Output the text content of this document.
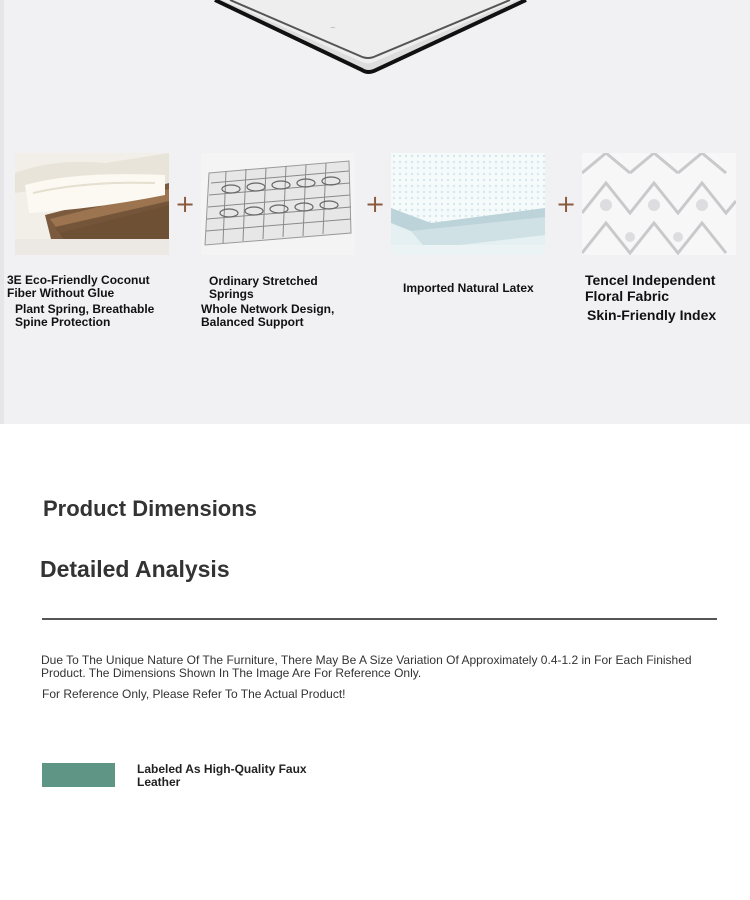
~
+	+	+
3E Eco-Friendly Coconut Fiber Without Glue
Plant Spring, Breathable Spine Protection
Ordinary Stretched Springs
Whole Network Design, Balanced Support
Imported Natural Latex	Tencel Independent Floral Fabric
Skin-Friendly Index
Product Dimensions
Detailed Analysis
Due To The Unique Nature Of The Furniture, There May Be A Size Variation Of Approximately 0.4-1.2 in For Each Finished Product. The Dimensions Shown In The Image Are For Reference Only.
For Reference Only, Please Refer To The Actual Product!
Labeled As High-Quality Faux Leather
